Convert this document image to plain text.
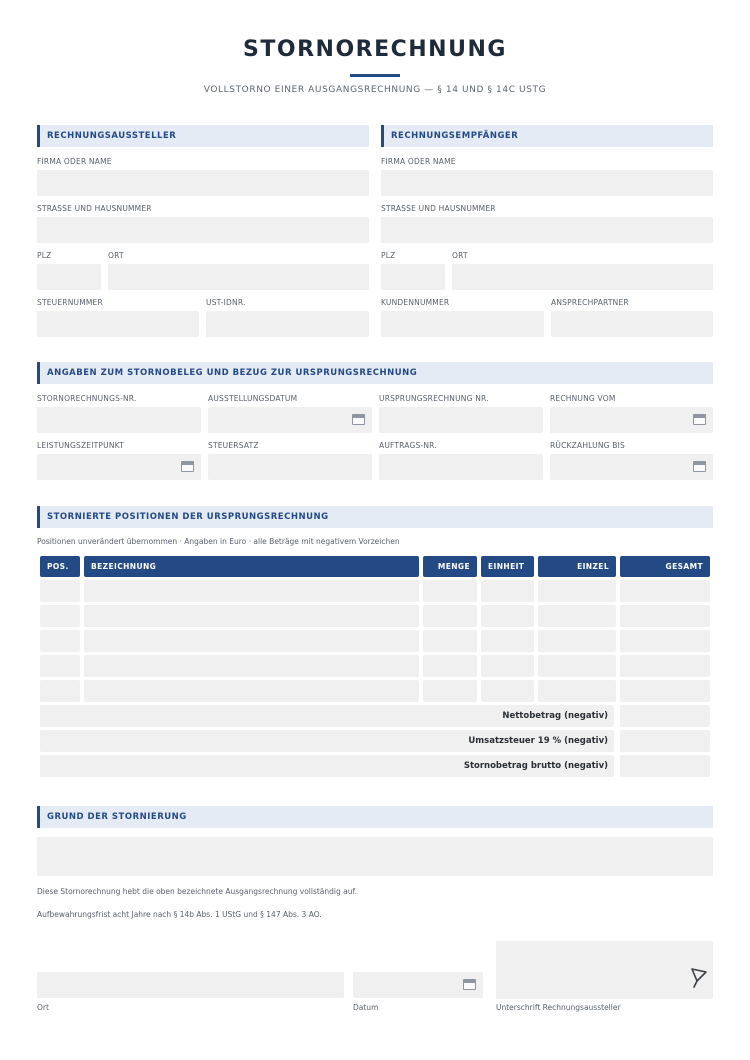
STORNORECHNUNG
VOLLSTORNO EINER AUSGANGSRECHNUNG — § 14 UND § 14C USTG
RECHNUNGSAUSSTELLER
FIRMA ODER NAME
STRASSE UND HAUSNUMMER
PLZ	ORT
STEUERNUMMER	UST-IDNR.
RECHNUNGSEMPFÄNGER
FIRMA ODER NAME
STRASSE UND HAUSNUMMER
PLZ	ORT
KUNDENNUMMER	ANSPRECHPARTNER
ANGABEN ZUM STORNOBELEG UND BEZUG ZUR URSPRUNGSRECHNUNG
STORNORECHNUNGS-NR.	AUSSTELLUNGSDATUM	URSPRUNGSRECHNUNG NR.	RECHNUNG VOM
LEISTUNGSZEITPUNKT	STEUERSATZ	AUFTRAGS-NR.	RÜCKZAHLUNG BIS
STORNIERTE POSITIONEN DER URSPRUNGSRECHNUNG
Positionen unverändert übernommen · Angaben in Euro · alle Beträge mit negativem Vorzeichen
POS.	BEZEICHNUNG	MENGE	EINHEIT	EINZEL	GESAMT
Nettobetrag (negativ)
Umsatzsteuer 19 % (negativ)
Stornobetrag brutto (negativ)
GRUND DER STORNIERUNG
Diese Stornorechnung hebt die oben bezeichnete Ausgangsrechnung vollständig auf.
Aufbewahrungsfrist acht Jahre nach § 14b Abs. 1 UStG und § 147 Abs. 3 AO.
Ort	Datum	Unterschrift Rechnungsaussteller
